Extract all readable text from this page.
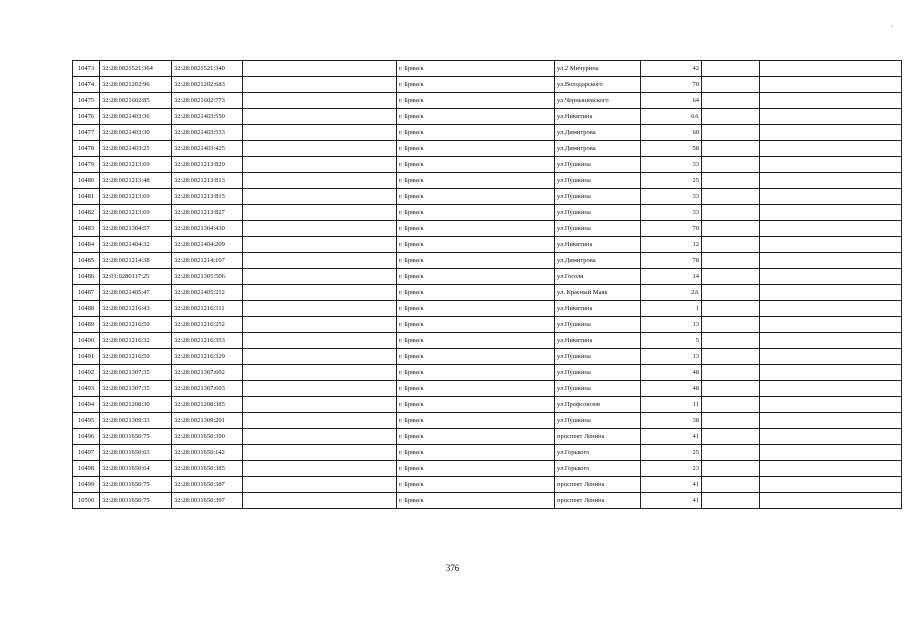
·
10473	32:28:0021521:364	32:28:0021521:340		г. Брянск	ул.2 Мичурина	42			
10474	32:28:0021202:96	32:28:0021202:683		г. Брянск	ул.Володарского	70			
10475	32:28:0021602:85	32:28:0021602:773		г. Брянск	ул.Чернышевского	64			
10476	32:28:0021403:36	32:28:0021403:550		г. Брянск	ул.Никитина	6А			
10477	32:28:0021403:30	32:28:0021403:533		г. Брянск	ул.Димитрова	60			
10478	32:28:0021403:25	32:28:0021403:425		г. Брянск	ул.Димитрова	58			
10479	32:28:0021213:69	32:28:0021213:820		г. Брянск	ул.Пушкина	33			
10480	32:28:0021213:48	32:28:0021213:813		г. Брянск	ул.Пушкина	25			
10481	32:28:0021213:69	32:28:0021213:815		г. Брянск	ул.Пушкина	33			
10482	32:28:0021213:69	32:28:0021213:827		г. Брянск	ул.Пушкина	33			
10483	32:28:0021304:57	32:28:0021304:430		г. Брянск	ул.Пушкина	70			
10484	32:28:0021404:32	32:28:0021404:209		г. Брянск	ул.Никитина	12			
10485	32:28:0021214:38	32:28:0021214:107		г. Брянск	ул.Димитрова	78			
10486	32:01:0280117:25	32:28:0021305:506		г. Брянск	ул.Гоголя	14			
10487	32:28:0021405:47	32:28:0021405:212		г. Брянск	ул. Красный Маяк	2А			
10488	32:28:0021216:43	32:28:0021216:311		г. Брянск	ул.Никитина	1			
10489	32:28:0021216:50	32:28:0021216:252		г. Брянск	ул.Пушкина	13			
10490	32:28:0021216:32	32:28:0021216:353		г. Брянск	ул.Никитина	5			
10491	32:28:0021216:50	32:28:0021216:329		г. Брянск	ул.Пушкина	13			
10492	32:28:0021307:35	32:28:0021307:602		г. Брянск	ул.Пушкина	48			
10493	32:28:0021307:35	32:28:0021307:603		г. Брянск	ул.Пушкина	48			
10494	32:28:0021208:30	32:28:0021208:385		г. Брянск	ул.Профсоюзов	11			
10495	32:28:0021309:33	32:28:0021309:291		г. Брянск	ул.Пушкина	38			
10496	32:28:0031650:75	32:28:0031650:390		г. Брянск	проспект Ленина	41			
10497	32:28:0031650:63	32:28:0031650:142		г. Брянск	ул.Горького	25			
10498	32:28:0031650:64	32:28:0031650:385		г. Брянск	ул.Горького	23			
10499	32:28:0031650:75	32:28:0031650:387		г. Брянск	проспект Ленина	41			
10500	32:28:0031650:75	32:28:0031650:397		г. Брянск	проспект Ленина	41			
376
